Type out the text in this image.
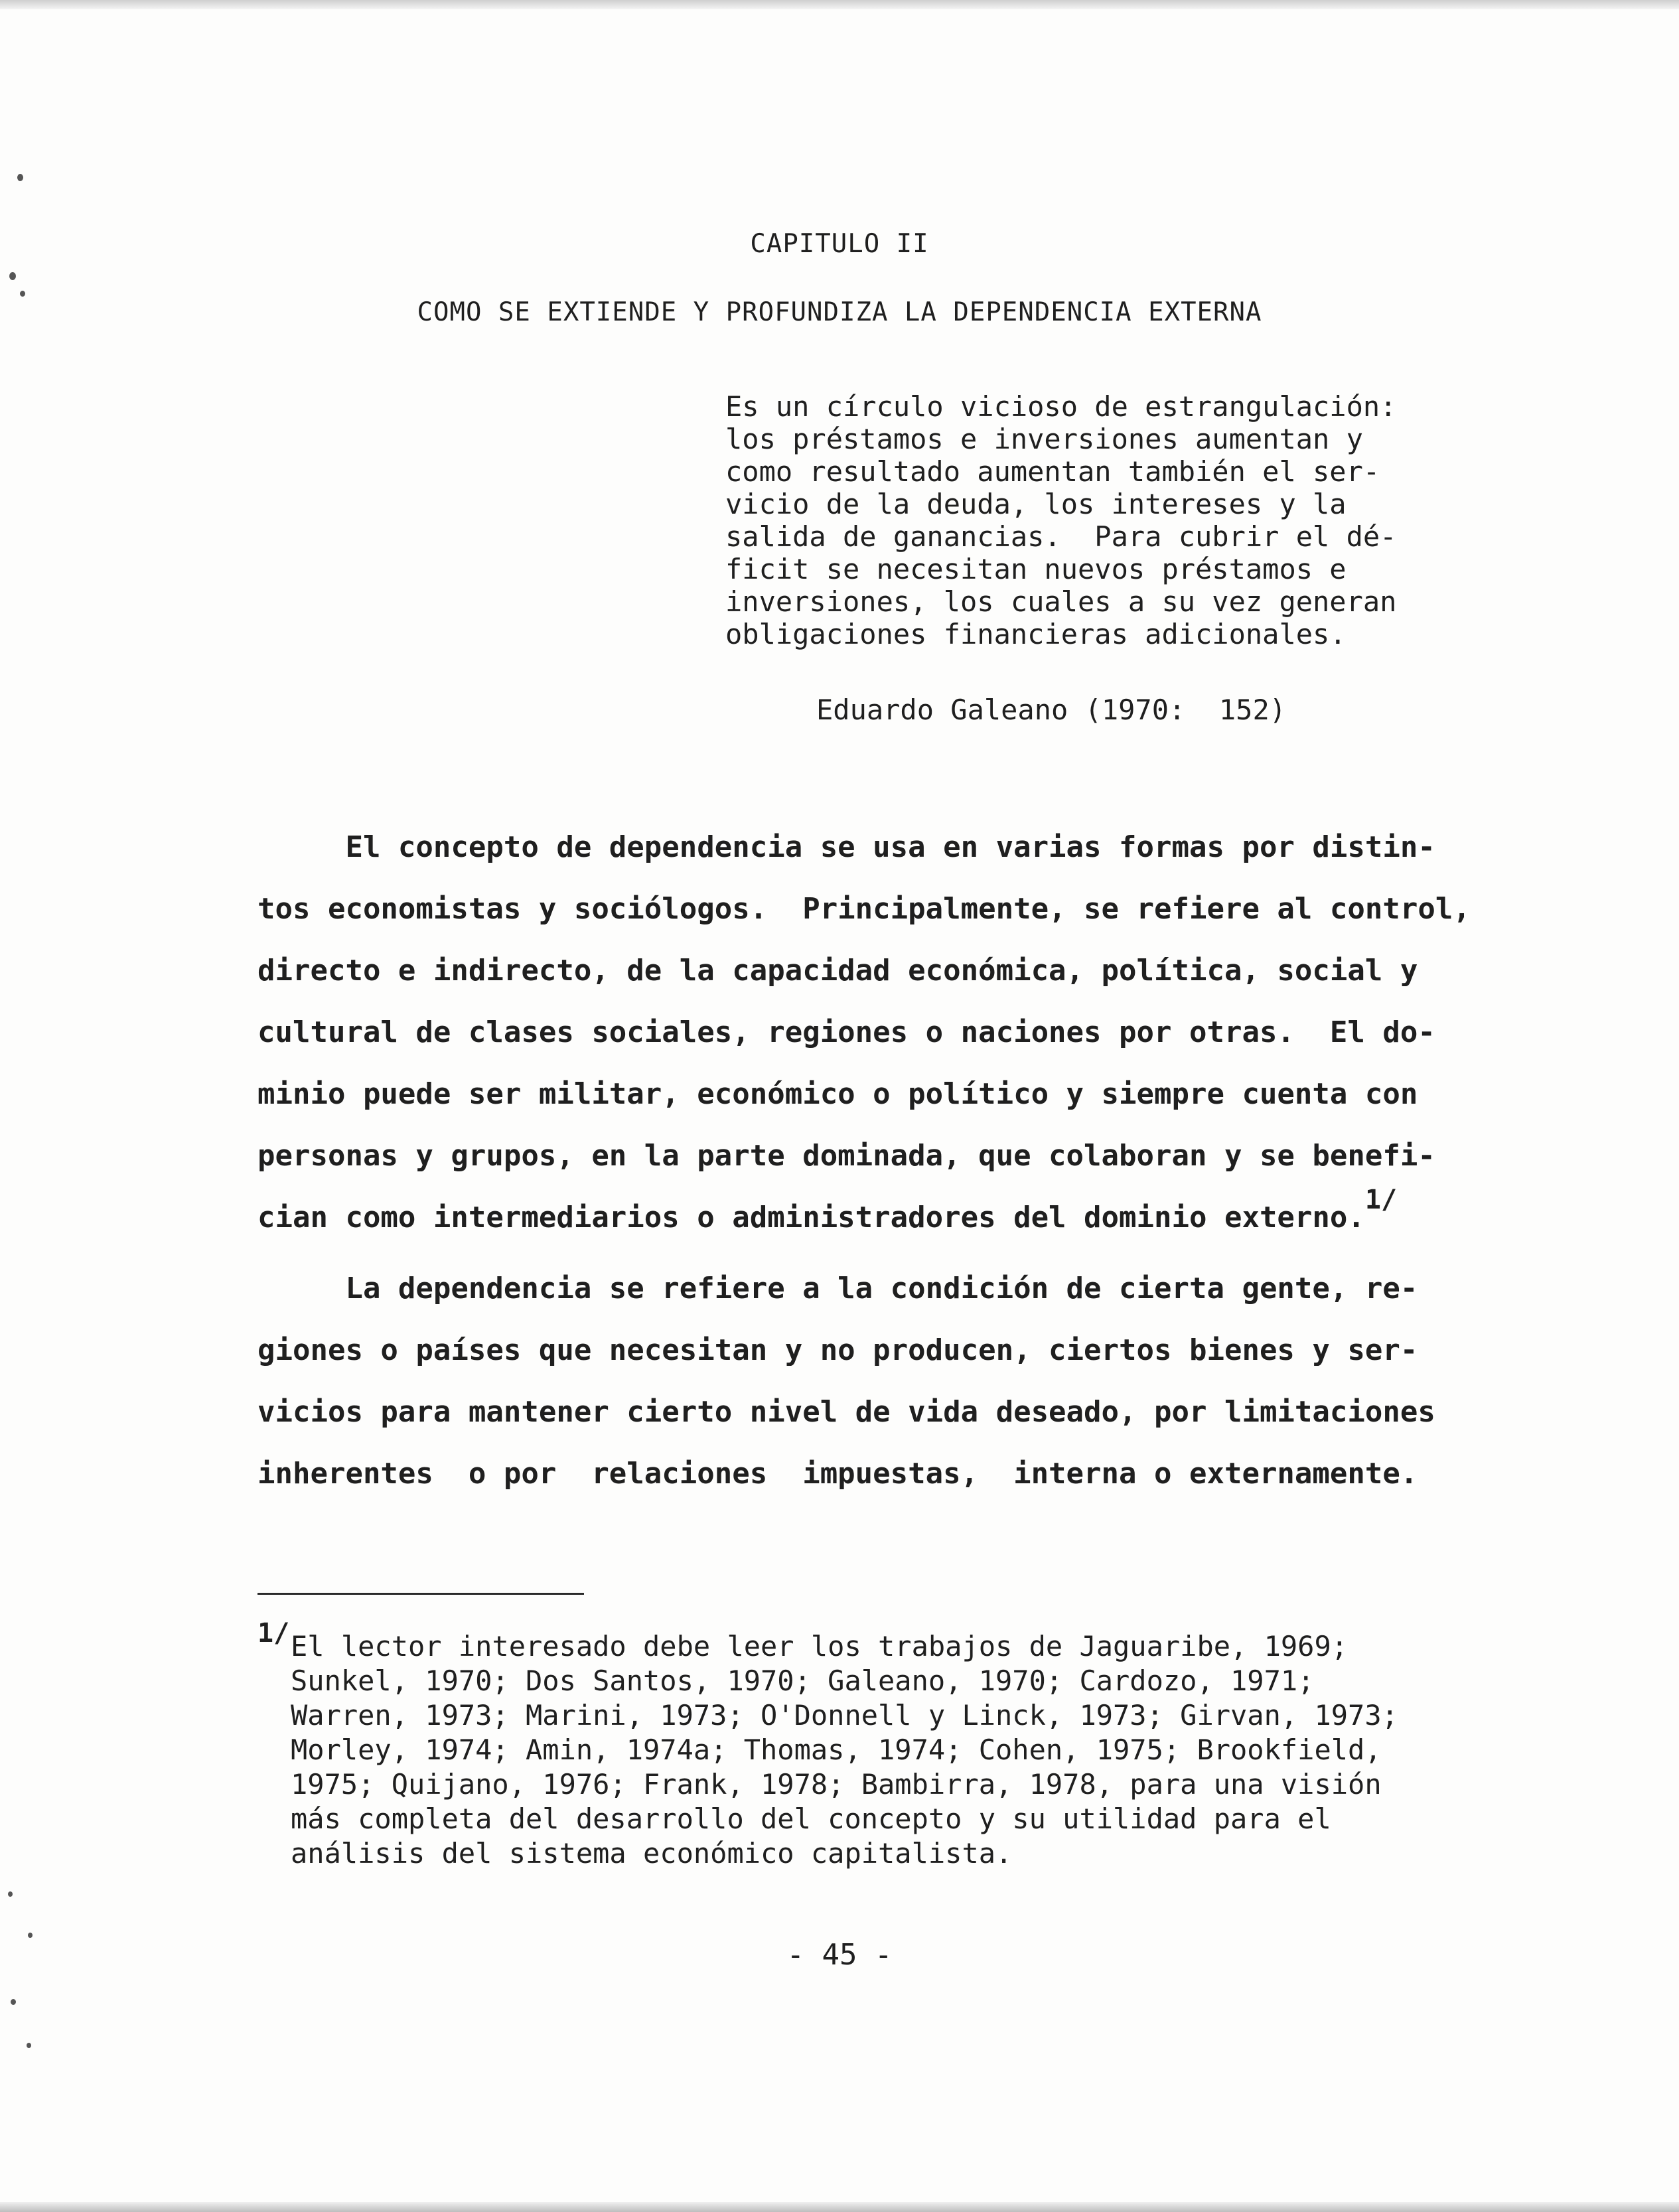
CAPITULO II
COMO SE EXTIENDE Y PROFUNDIZA LA DEPENDENCIA EXTERNA

Es un círculo vicioso de estrangulación:

los préstamos e inversiones aumentan y

como resultado aumentan también el ser-

vicio de la deuda, los intereses y la

salida de ganancias.  Para cubrir el dé-

ficit se necesitan nuevos préstamos e

inversiones, los cuales a su vez generan

obligaciones financieras adicionales.

Eduardo Galeano (1970:  152)
El concepto de dependencia se usa en varias formas por distin-
tos economistas y sociólogos.  Principalmente, se refiere al control,
directo e indirecto, de la capacidad económica, política, social y
cultural de clases sociales, regiones o naciones por otras.  El do-
minio puede ser militar, económico o político y siempre cuenta con
personas y grupos, en la parte dominada, que colaboran y se benefi-
cian como intermediarios o administradores del dominio externo.1/
La dependencia se refiere a la condición de cierta gente, re-
giones o países que necesitan y no producen, ciertos bienes y ser-
vicios para mantener cierto nivel de vida deseado, por limitaciones
inherentes  o por  relaciones  impuestas,  interna o externamente.
1/ El lector interesado debe leer los trabajos de Jaguaribe, 1969;
Sunkel, 1970; Dos Santos, 1970; Galeano, 1970; Cardozo, 1971;
Warren, 1973; Marini, 1973; O'Donnell y Linck, 1973; Girvan, 1973;
Morley, 1974; Amin, 1974a; Thomas, 1974; Cohen, 1975; Brookfield,
1975; Quijano, 1976; Frank, 1978; Bambirra, 1978, para una visión
más completa del desarrollo del concepto y su utilidad para el
análisis del sistema económico capitalista.
- 45 -
